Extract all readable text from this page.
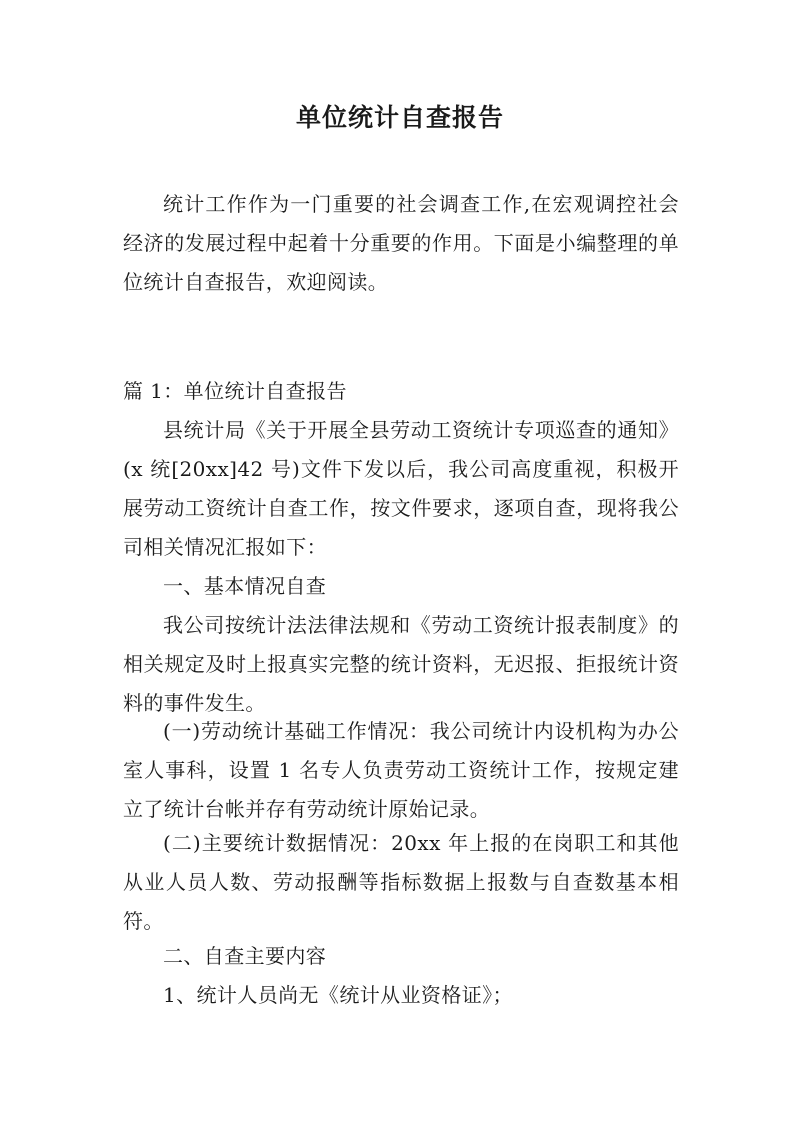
单位统计自查报告

统计工作作为一门重要的社会调查工作,在宏观调控社会经济的发展过程中起着十分重要的作用。下面是小编整理的单位统计自查报告，欢迎阅读。

篇 1：单位统计自查报告

县统计局《关于开展全县劳动工资统计专项巡查的通知》(x 统[20xx]42 号)文件下发以后，我公司高度重视，积极开展劳动工资统计自查工作，按文件要求，逐项自查，现将我公司相关情况汇报如下：

一、基本情况自查

我公司按统计法法律法规和《劳动工资统计报表制度》的相关规定及时上报真实完整的统计资料，无迟报、拒报统计资料的事件发生。

(一)劳动统计基础工作情况：我公司统计内设机构为办公室人事科，设置 1 名专人负责劳动工资统计工作，按规定建立了统计台帐并存有劳动统计原始记录。

(二)主要统计数据情况：20xx 年上报的在岗职工和其他从业人员人数、劳动报酬等指标数据上报数与自查数基本相符。

二、自查主要内容

1、统计人员尚无《统计从业资格证》；
